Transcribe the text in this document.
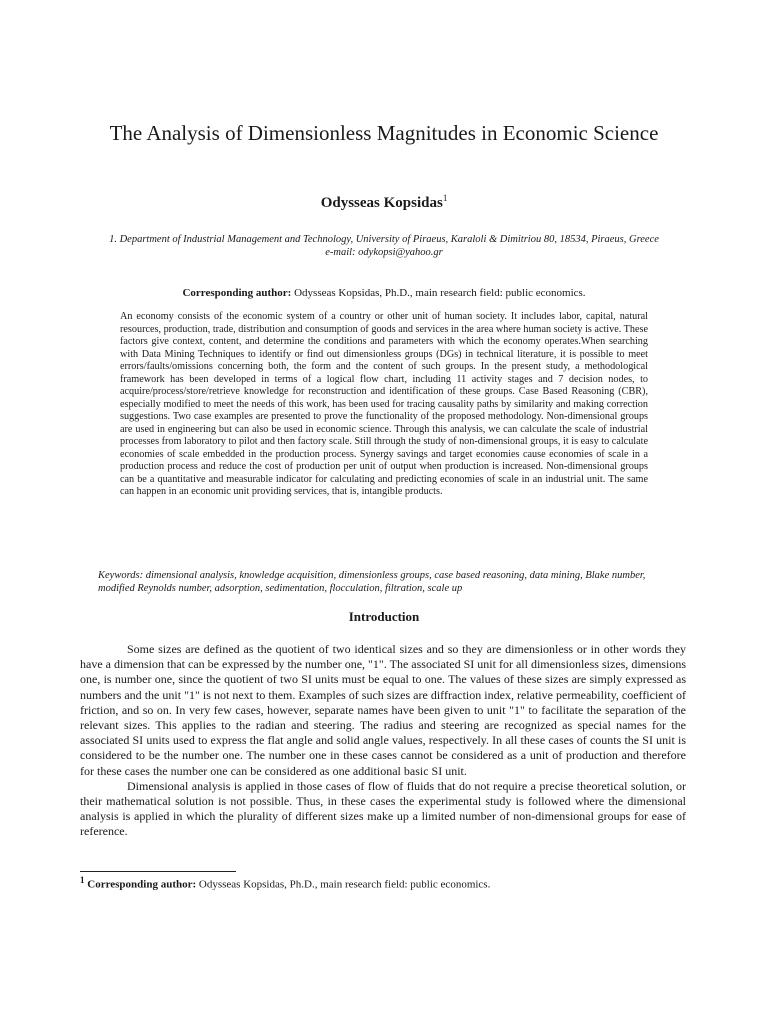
The Analysis of Dimensionless Magnitudes in Economic Science
Odysseas Kopsidas$^1$
1. Department of Industrial Management and Technology, University of Piraeus, Karaloli & Dimitriou 80, 18534, Piraeus, Greece
e-mail: odykopsi@yahoo.gr
Corresponding author: Odysseas Kopsidas, Ph.D., main research field: public economics.
An economy consists of the economic system of a country or other unit of human society. It includes labor, capital, natural resources, production, trade, distribution and consumption of goods and services in the area where human society is active. These factors give context, content, and determine the conditions and parameters with which the economy operates.When searching with Data Mining Techniques to identify or find out dimensionless groups (DGs) in technical literature, it is possible to meet errors/faults/omissions concerning both, the form and the content of such groups. In the present study, a methodological framework has been developed in terms of a logical flow chart, including 11 activity stages and 7 decision nodes, to acquire/process/store/retrieve knowledge for reconstruction and identification of these groups. Case Based Reasoning (CBR), especially modified to meet the needs of this work, has been used for tracing causality paths by similarity and making correction suggestions. Two case examples are presented to prove the functionality of the proposed methodology. Non-dimensional groups are used in engineering but can also be used in economic science. Through this analysis, we can calculate the scale of industrial processes from laboratory to pilot and then factory scale. Still through the study of non-dimensional groups, it is easy to calculate economies of scale embedded in the production process. Synergy savings and target economies cause economies of scale in a production process and reduce the cost of production per unit of output when production is increased. Non-dimensional groups can be a quantitative and measurable indicator for calculating and predicting economies of scale in an industrial unit. The same can happen in an economic unit providing services, that is, intangible products.
Keywords: dimensional analysis, knowledge acquisition, dimensionless groups, case based reasoning, data mining, Blake number, modified Reynolds number, adsorption, sedimentation, flocculation, filtration, scale up
Introduction

Some sizes are defined as the quotient of two identical sizes and so they are dimensionless or in other words they have a dimension that can be expressed by the number one, "1". The associated SI unit for all dimensionless sizes, dimensions one, is number one, since the quotient of two SI units must be equal to one. The values of these sizes are simply expressed as numbers and the unit "1" is not next to them. Examples of such sizes are diffraction index, relative permeability, coefficient of friction, and so on. In very few cases, however, separate names have been given to unit "1" to facilitate the separation of the relevant sizes. This applies to the radian and steering. The radius and steering are recognized as special names for the associated SI units used to express the flat angle and solid angle values, respectively. In all these cases of counts the SI unit is considered to be the number one. The number one in these cases cannot be considered as a unit of production and therefore for these cases the number one can be considered as one additional basic SI unit.

Dimensional analysis is applied in those cases of flow of fluids that do not require a precise theoretical solution, or their mathematical solution is not possible. Thus, in these cases the experimental study is followed where the dimensional analysis is applied in which the plurality of different sizes make up a limited number of non-dimensional groups for ease of reference.

$^1$ Corresponding author: Odysseas Kopsidas, Ph.D., main research field: public economics.
